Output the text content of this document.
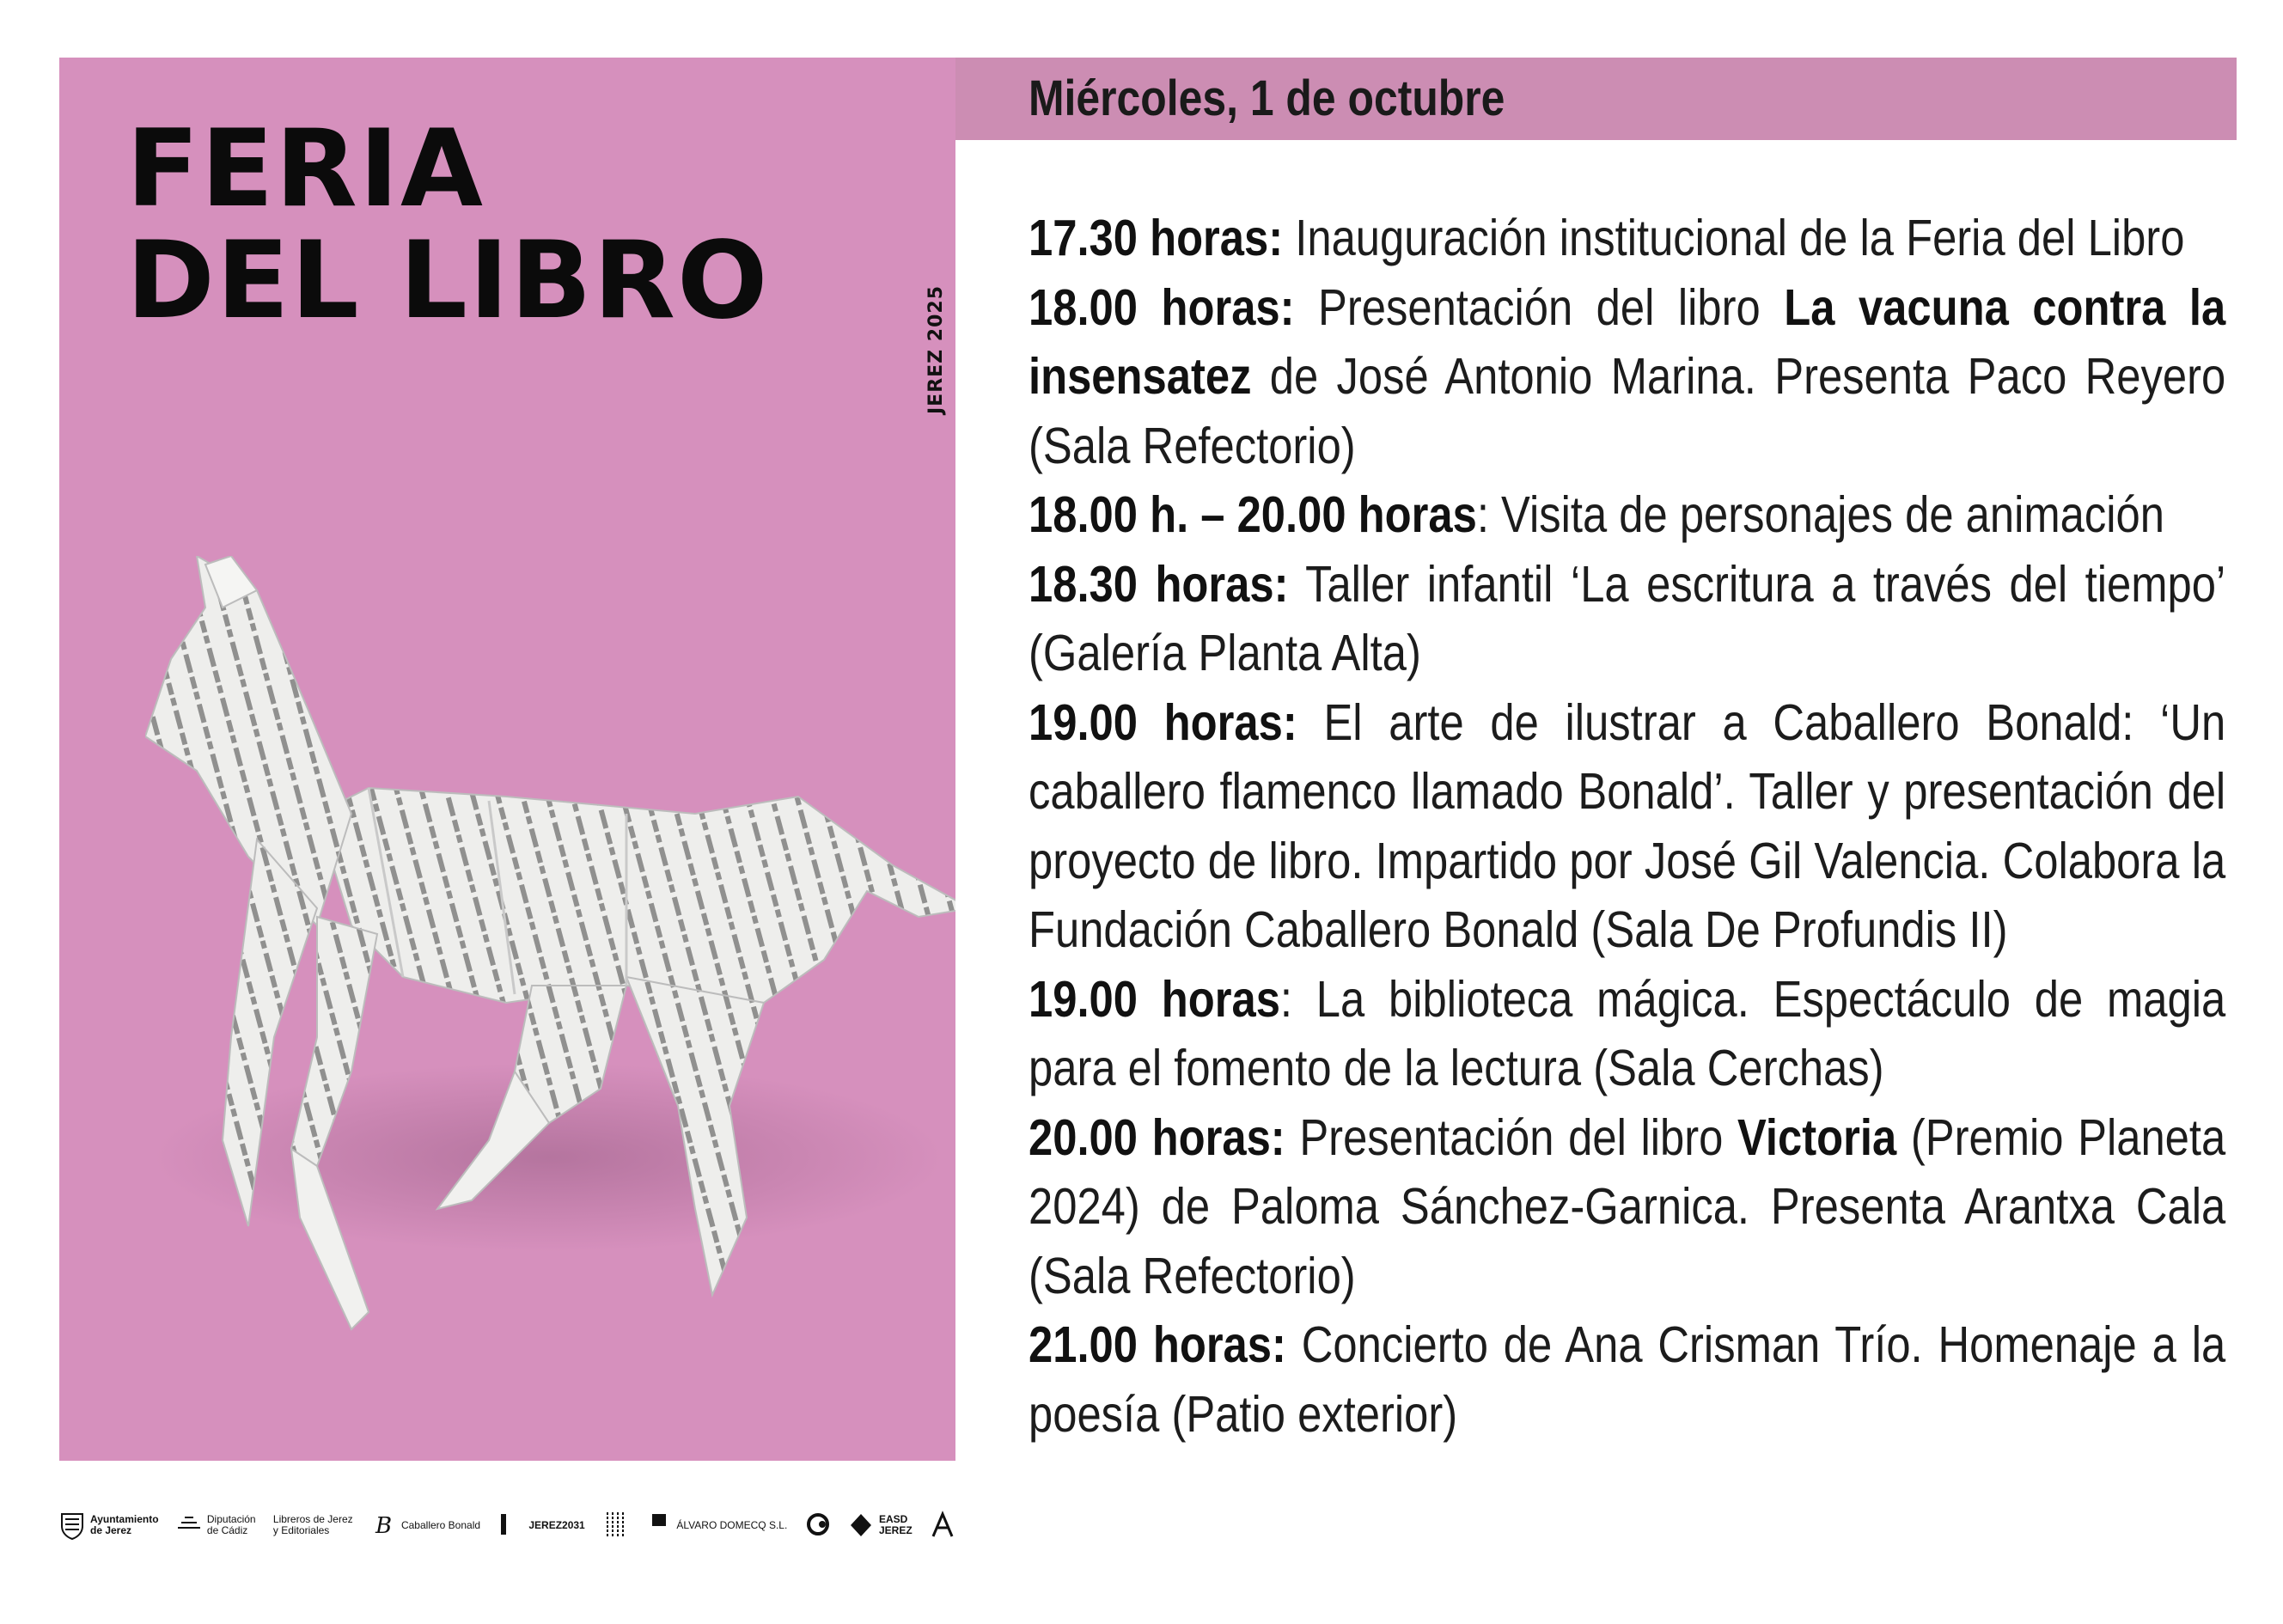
FERIA
DEL LIBRO
JEREZ 2025
Ayuntamiento
de Jerez
Diputación
de Cádiz
Libreros de Jerez
y Editoriales	B Caballero Bonald	JEREZ2031	ÁLVARO DOMECQ S.L.	EASD
JEREZ
Miércoles, 1 de octubre

17.30 horas: Inauguración institucional de la Feria del Libro

18.00 horas: Presentación del libro La vacuna contra la insensatez de José Antonio Marina. Presenta Paco Reyero (Sala Refectorio)

18.00 h. – 20.00 horas: Visita de personajes de animación

18.30 horas: Taller infantil ‘La escritura a través del tiempo’ (Galería Planta Alta)

19.00 horas: El arte de ilustrar a Caballero Bonald: ‘Un caballero flamenco llamado Bonald’. Taller y presentación del proyecto de libro. Impartido por José Gil Valencia. Colabora la Fundación Caballero Bonald (Sala De Profundis II)

19.00 horas: La biblioteca mágica. Espectáculo de magia para el fomento de la lectura (Sala Cerchas)

20.00 horas: Presentación del libro Victoria (Premio Planeta 2024) de Paloma Sánchez-Garnica. Presenta Arantxa Cala (Sala Refectorio)

21.00 horas: Concierto de Ana Crisman Trío. Homenaje a la poesía (Patio exterior)
